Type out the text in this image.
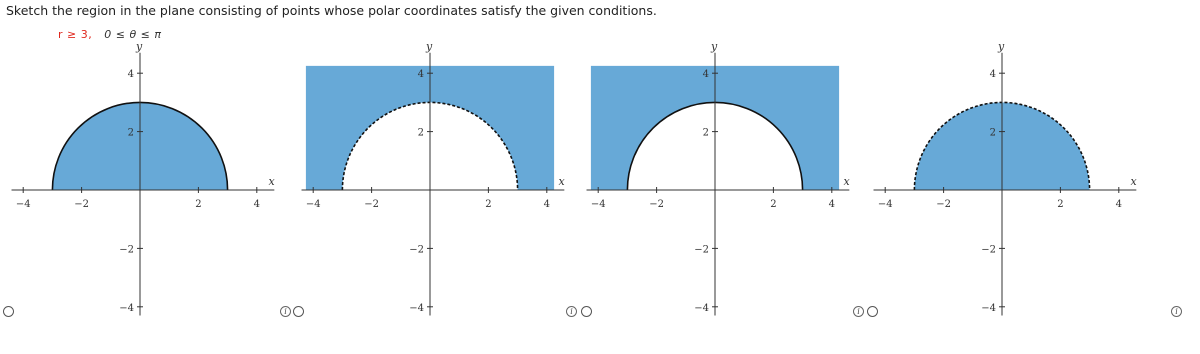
Sketch the region in the plane consisting of points whose polar coordinates satisfy the given conditions.
r ≥ 3, 0 ≤ θ ≤ π
−4	−2	2	4
4
2
−2
−4
x
y
−4	−2	2	4
4
2
−2
−4
x
y
−4	−2	2	4
4
2
−2
−4
x
y
−4	−2	2	4
4
2
−2
−4
x
y
i	i	i	i
